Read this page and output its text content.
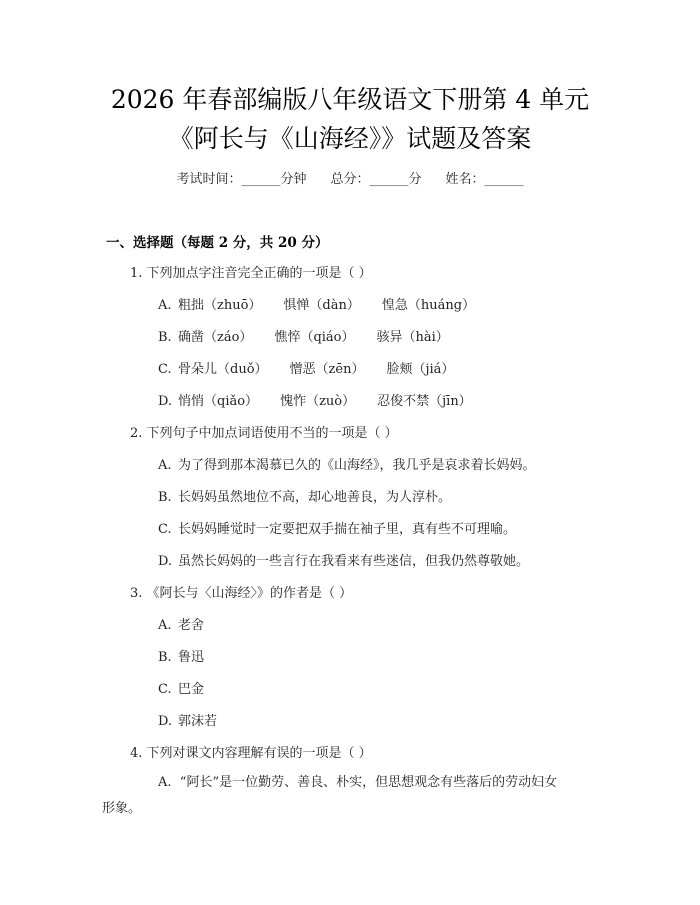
2026 年春部编版八年级语文下册第 4 单元
《阿长与《山海经》》试题及答案
考试时间：______分钟 总分：______分 姓名：______
一、选择题（每题 2 分，共 20 分）
1. 下列加点字注音完全正确的一项是（ ）
A. 粗拙（zhuō） 惧惮（dàn） 惶急（huáng）
B. 确凿（záo） 憔悴（qiáo） 骇异（hài）
C. 骨朵儿（duǒ） 憎恶（zēn） 脸颊（jiá）
D. 悄悄（qiǎo） 愧怍（zuò） 忍俊不禁（jīn）
2. 下列句子中加点词语使用不当的一项是（ ）
A. 为了得到那本渴慕已久的《山海经》，我几乎是哀求着长妈妈。
B. 长妈妈虽然地位不高，却心地善良，为人淳朴。
C. 长妈妈睡觉时一定要把双手揣在袖子里，真有些不可理喻。
D. 虽然长妈妈的一些言行在我看来有些迷信，但我仍然尊敬她。
3. 《阿长与〈山海经〉》的作者是（ ）
A. 老舍
B. 鲁迅
C. 巴金
D. 郭沫若
4. 下列对课文内容理解有误的一项是（ ）
A. “阿长”是一位勤劳、善良、朴实，但思想观念有些落后的劳动妇女
形象。
